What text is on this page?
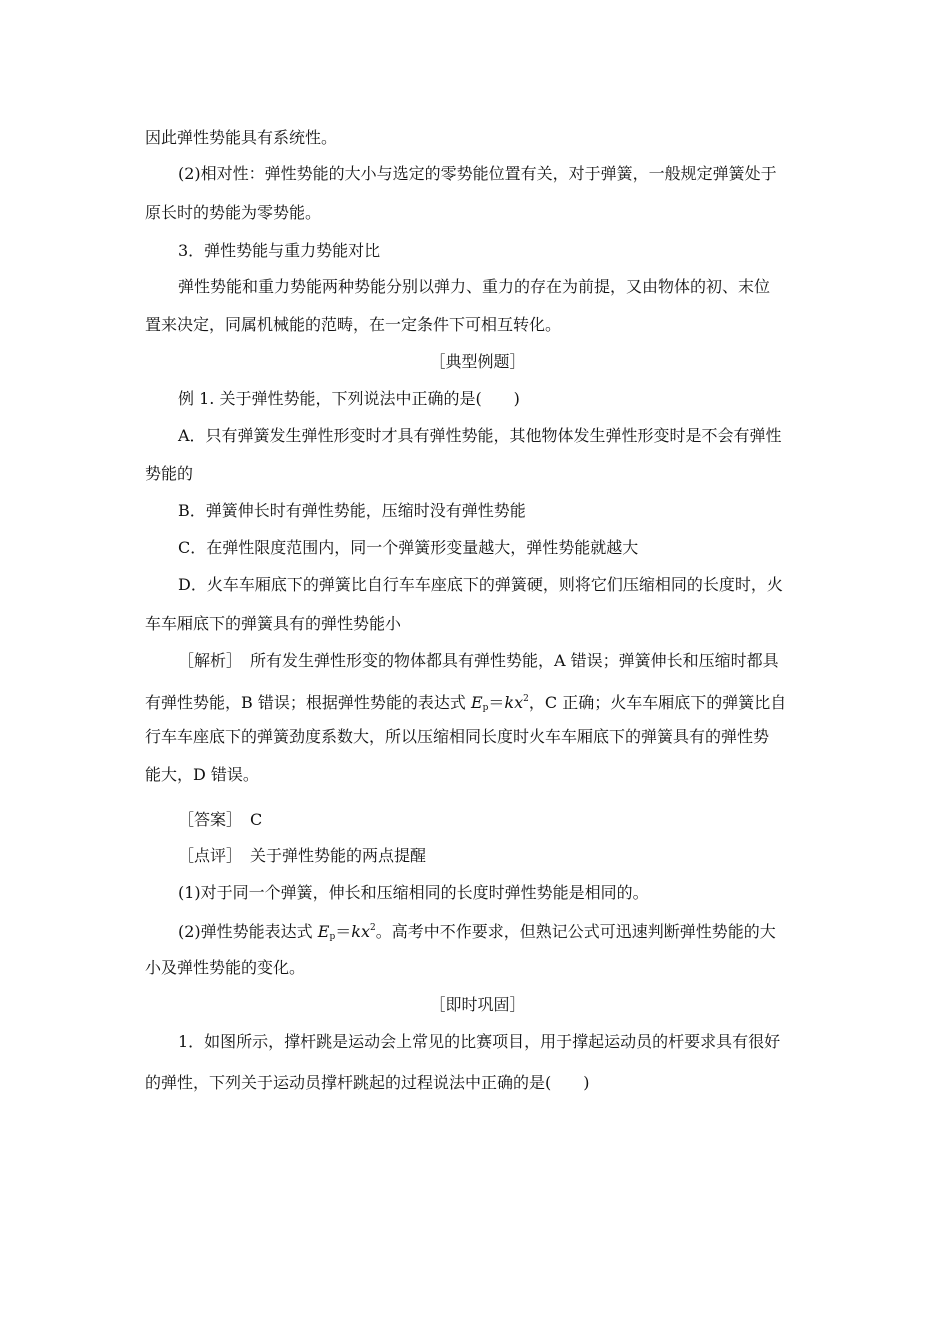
因此弹性势能具有系统性。
(2)相对性：弹性势能的大小与选定的零势能位置有关，对于弹簧，一般规定弹簧处于
原长时的势能为零势能。
3．弹性势能与重力势能对比
弹性势能和重力势能两种势能分别以弹力、重力的存在为前提，又由物体的初、末位
置来决定，同属机械能的范畴，在一定条件下可相互转化。
［典型例题］
例 1. 关于弹性势能，下列说法中正确的是(　　)
A．只有弹簧发生弹性形变时才具有弹性势能，其他物体发生弹性形变时是不会有弹性
势能的
B．弹簧伸长时有弹性势能，压缩时没有弹性势能
C．在弹性限度范围内，同一个弹簧形变量越大，弹性势能就越大
D．火车车厢底下的弹簧比自行车车座底下的弹簧硬，则将它们压缩相同的长度时，火
车车厢底下的弹簧具有的弹性势能小
［解析］　所有发生弹性形变的物体都具有弹性势能，A 错误；弹簧伸长和压缩时都具
有弹性势能，B 错误；根据弹性势能的表达式 $E_p=kx^2$，C 正确；火车车厢底下的弹簧比自
行车车座底下的弹簧劲度系数大，所以压缩相同长度时火车车厢底下的弹簧具有的弹性势
能大，D 错误。
［答案］　C
［点评］　关于弹性势能的两点提醒
(1)对于同一个弹簧，伸长和压缩相同的长度时弹性势能是相同的。
(2)弹性势能表达式 $E_p=kx^2$。高考中不作要求，但熟记公式可迅速判断弹性势能的大
小及弹性势能的变化。
［即时巩固］
1．如图所示，撑杆跳是运动会上常见的比赛项目，用于撑起运动员的杆要求具有很好
的弹性，下列关于运动员撑杆跳起的过程说法中正确的是(　　)
